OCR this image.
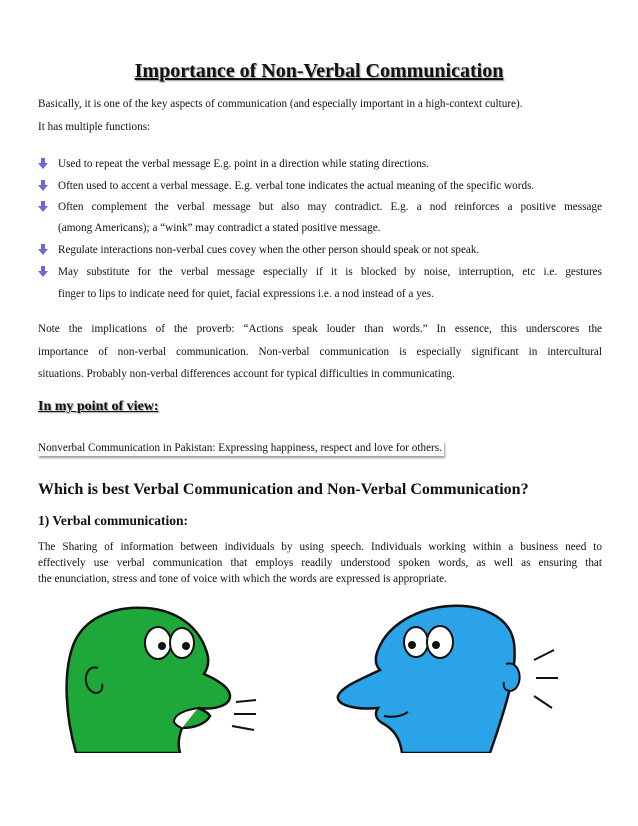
Importance of Non-Verbal Communication

Basically, it is one of the key aspects of communication (and especially important in a high-context culture).

It has multiple functions:

Used to repeat the verbal message E.g. point in a direction while stating directions.
Often used to accent a verbal message. E.g. verbal tone indicates the actual meaning of the specific words.
Often complement the verbal message but also may contradict. E.g. a nod reinforces a positive message
(among Americans); a “wink” may contradict a stated positive message.
Regulate interactions non-verbal cues covey when the other person should speak or not speak.
May substitute for the verbal message especially if it is blocked by noise, interruption, etc i.e. gestures
finger to lips to indicate need for quiet, facial expressions i.e. a nod instead of a yes.

Note the implications of the proverb: “Actions speak louder than words.” In essence, this underscores the

importance of non-verbal communication. Non-verbal communication is especially significant in intercultural

situations. Probably non-verbal differences account for typical difficulties in communicating.

In my point of view:
Nonverbal Communication in Pakistan: Expressing happiness, respect and love for others.
Which is best Verbal Communication and Non-Verbal Communication?
1) Verbal communication:

The Sharing of information between individuals by using speech. Individuals working within a business need to

effectively use verbal communication that employs readily understood spoken words, as well as ensuring that

the enunciation, stress and tone of voice with which the words are expressed is appropriate.
